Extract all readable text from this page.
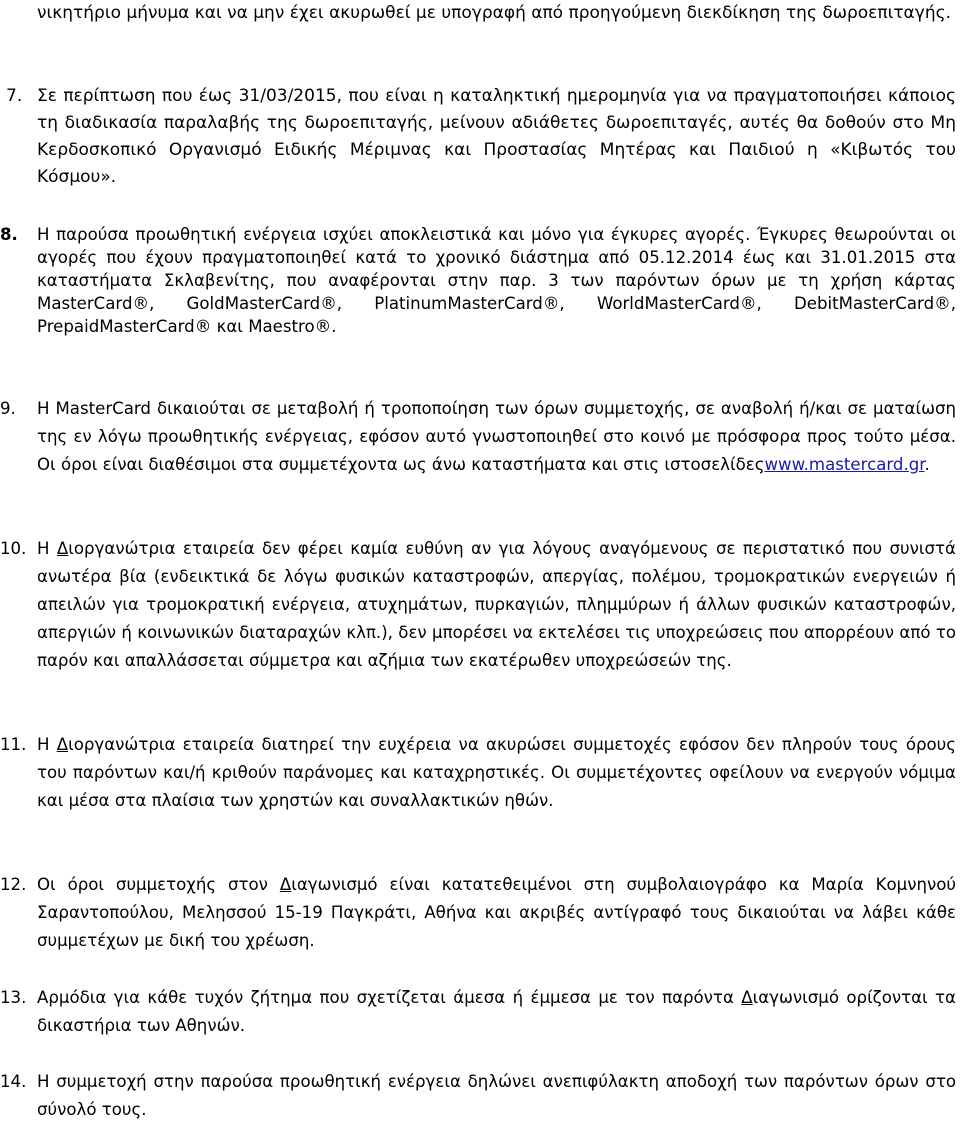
νικητήριο μήνυμα και να μην έχει ακυρωθεί με υπογραφή από προηγούμενη διεκδίκηση της δωροεπιταγής.

7. Σε περίπτωση που έως 31/03/2015, που είναι η καταληκτική ημερομηνία για να πραγματοποιήσει κάποιος τη διαδικασία παραλαβής της δωροεπιταγής, μείνουν αδιάθετες δωροεπιταγές, αυτές θα δοθούν στο Μη Κερδοσκοπικό Οργανισμό Ειδικής Μέριμνας και Προστασίας Μητέρας και Παιδιού η «Κιβωτός του Κόσμου».

8. Η παρούσα προωθητική ενέργεια ισχύει αποκλειστικά και μόνο για έγκυρες αγορές. Έγκυρες θεωρούνται οι αγορές που έχουν πραγματοποιηθεί κατά το χρονικό διάστημα από 05.12.2014 έως και 31.01.2015 στα καταστήματα Σκλαβενίτης, που αναφέρονται στην παρ. 3 των παρόντων όρων με τη χρήση κάρτας MasterCard®, GoldMasterCard®, PlatinumMasterCard®, WorldMasterCard®, DebitMasterCard®, PrepaidMasterCard® και Maestro®.

9. Η MasterCard δικαιούται σε μεταβολή ή τροποποίηση των όρων συμμετοχής, σε αναβολή ή/και σε ματαίωση της εν λόγω προωθητικής ενέργειας, εφόσον αυτό γνωστοποιηθεί στο κοινό με πρόσφορα προς τούτο μέσα. Οι όροι είναι διαθέσιμοι στα συμμετέχοντα ως άνω καταστήματα και στις ιστοσελίδεςwww.mastercard.gr.

10. Η Διοργανώτρια εταιρεία δεν φέρει καμία ευθύνη αν για λόγους αναγόμενους σε περιστατικό που συνιστά ανωτέρα βία (ενδεικτικά δε λόγω φυσικών καταστροφών, απεργίας, πολέμου, τρομοκρατικών ενεργειών ή απειλών για τρομοκρατική ενέργεια, ατυχημάτων, πυρκαγιών, πλημμύρων ή άλλων φυσικών καταστροφών, απεργιών ή κοινωνικών διαταραχών κλπ.), δεν μπορέσει να εκτελέσει τις υποχρεώσεις που απορρέουν από το παρόν και απαλλάσσεται σύμμετρα και αζήμια των εκατέρωθεν υποχρεώσεών της.

11. Η Διοργανώτρια εταιρεία διατηρεί την ευχέρεια να ακυρώσει συμμετοχές εφόσον δεν πληρούν τους όρους του παρόντων και/ή κριθούν παράνομες και καταχρηστικές. Οι συμμετέχοντες οφείλουν να ενεργούν νόμιμα και μέσα στα πλαίσια των χρηστών και συναλλακτικών ηθών.

12. Οι όροι συμμετοχής στον Διαγωνισμό είναι κατατεθειμένοι στη συμβολαιογράφο κα Μαρία Κομνηνού Σαραντοπούλου, Μελησσού 15-19 Παγκράτι, Αθήνα και ακριβές αντίγραφό τους δικαιούται να λάβει κάθε συμμετέχων με δική του χρέωση.

13. Αρμόδια για κάθε τυχόν ζήτημα που σχετίζεται άμεσα ή έμμεσα με τον παρόντα Διαγωνισμό ορίζονται τα δικαστήρια των Αθηνών.

14. Η συμμετοχή στην παρούσα προωθητική ενέργεια δηλώνει ανεπιφύλακτη αποδοχή των παρόντων όρων στο σύνολό τους.
